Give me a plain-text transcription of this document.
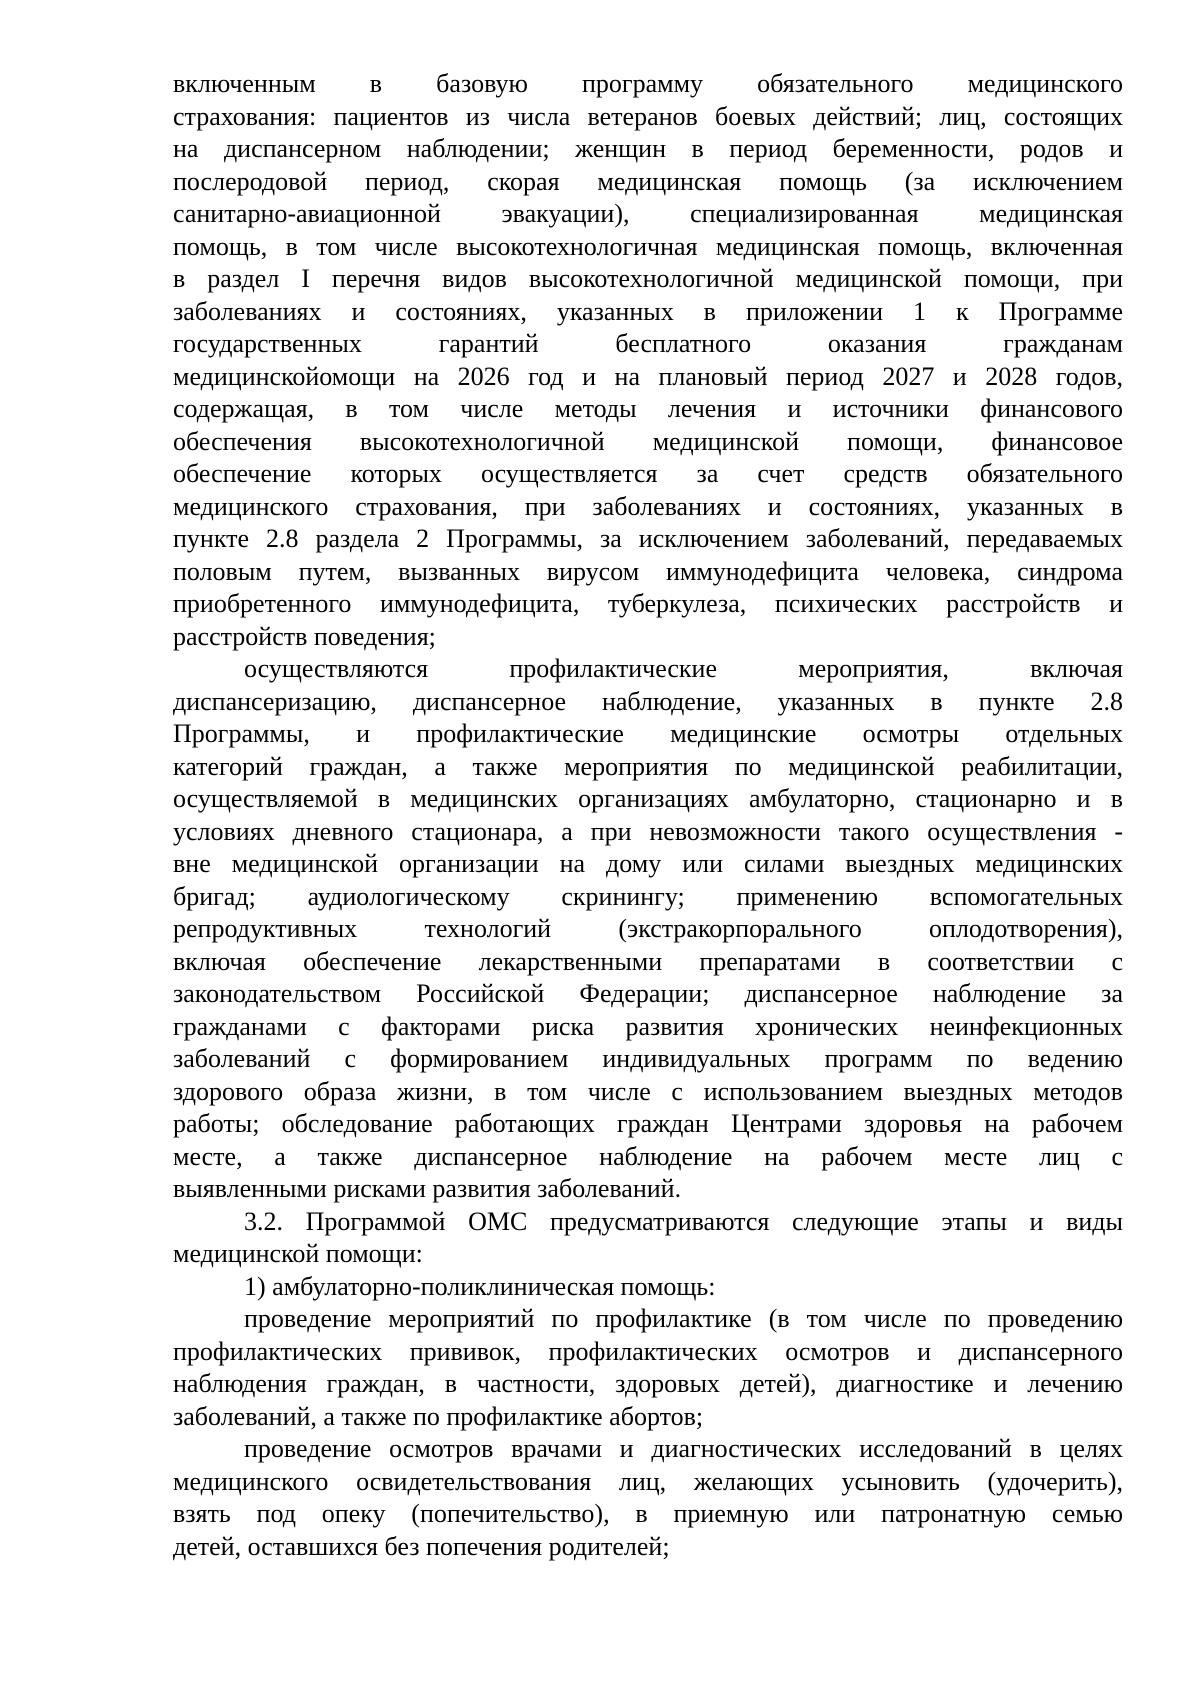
включенным в базовую программу обязательного медицинского
страхования: пациентов из числа ветеранов боевых действий; лиц, состоящих
на диспансерном наблюдении; женщин в период беременности, родов и
послеродовой период, скорая медицинская помощь (за исключением
санитарно-авиационной эвакуации), специализированная медицинская
помощь, в том числе высокотехнологичная медицинская помощь, включенная
в раздел I перечня видов высокотехнологичной медицинской помощи, при
заболеваниях и состояниях, указанных в приложении 1 к Программе
государственных гарантий бесплатного оказания гражданам
медицинскойомощи на 2026 год и на плановый период 2027 и 2028 годов,
содержащая, в том числе методы лечения и источники финансового
обеспечения высокотехнологичной медицинской помощи, финансовое
обеспечение которых осуществляется за счет средств обязательного
медицинского страхования, при заболеваниях и состояниях, указанных в
пункте 2.8 раздела 2 Программы, за исключением заболеваний, передаваемых
половым путем, вызванных вирусом иммунодефицита человека, синдрома
приобретенного иммунодефицита, туберкулеза, психических расстройств и
расстройств поведения;
осуществляются профилактические мероприятия, включая
диспансеризацию, диспансерное наблюдение, указанных в пункте 2.8
Программы, и профилактические медицинские осмотры отдельных
категорий граждан, а также мероприятия по медицинской реабилитации,
осуществляемой в медицинских организациях амбулаторно, стационарно и в
условиях дневного стационара, а при невозможности такого осуществления -
вне медицинской организации на дому или силами выездных медицинских
бригад; аудиологическому скринингу; применению вспомогательных
репродуктивных технологий (экстракорпорального оплодотворения),
включая обеспечение лекарственными препаратами в соответствии с
законодательством Российской Федерации; диспансерное наблюдение за
гражданами с факторами риска развития хронических неинфекционных
заболеваний с формированием индивидуальных программ по ведению
здорового образа жизни, в том числе с использованием выездных методов
работы; обследование работающих граждан Центрами здоровья на рабочем
месте, а также диспансерное наблюдение на рабочем месте лиц с
выявленными рисками развития заболеваний.
3.2. Программой ОМС предусматриваются следующие этапы и виды
медицинской помощи:
1) амбулаторно-поликлиническая помощь:
проведение мероприятий по профилактике (в том числе по проведению
профилактических прививок, профилактических осмотров и диспансерного
наблюдения граждан, в частности, здоровых детей), диагностике и лечению
заболеваний, а также по профилактике абортов;
проведение осмотров врачами и диагностических исследований в целях
медицинского освидетельствования лиц, желающих усыновить (удочерить),
взять под опеку (попечительство), в приемную или патронатную семью
детей, оставшихся без попечения родителей;
